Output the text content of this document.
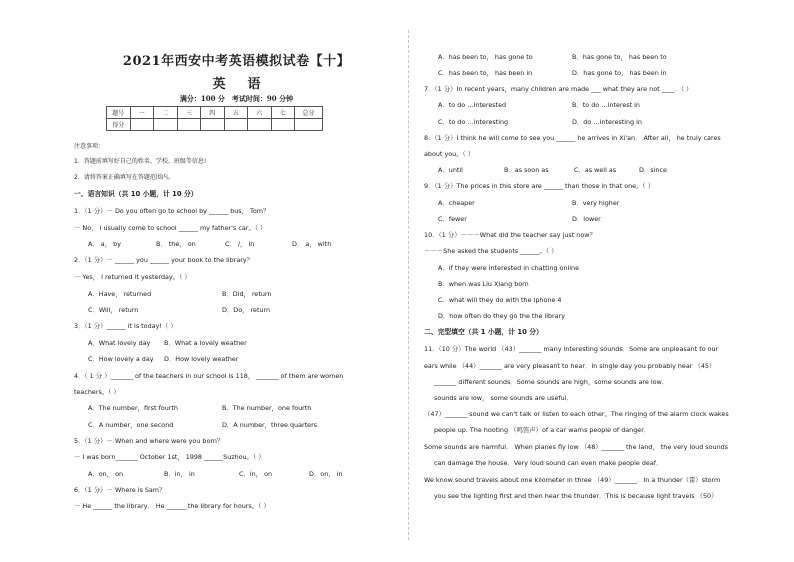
2021年西安中考英语模拟试卷【十】
英语
满分：100 分　考试时间：90 分钟
题号	一	二	三	四	五	六	七	总分
得分								
注意事项：
1．答题前填写好自己的姓名、学校、班级等信息!
2．请将答案正确填写在答题范围内。
一、语言知识（共 10 小题，计 10 分）
1．（1 分）－ Do you often go to school by ______ bus， Tom？
－ No， I usually come to school ______ my father's car。（ ）
A． a， by	B． the， on	C． /， in	D． a， with
2．（1 分）－ ______ you ______ your book to the library？
－ Yes， I returned it yesterday。（ ）
A．Have， returned	B．Did， return
C．Will， return	D．Do， return
3．（1 分）______ it is today!（ ）
A．What lovely day B．What a lovely weather
C．How lovely a day D．How lovely weather
4．（ 1 分 ）_______ of the teachers in our school is 118， _______ of them are women
teachers。（ ）
A．The number，first fourth	B．The number，one fourth
C．A number，one second	D．A number，three quarters
5．（1 分）－ When and where were you born？
－ I was born_______ October 1st， 1998 ______Suzhou。（ ）
A．on， on	B．in， in	C．in， on	D．on， in
6．（1 分）－ Where is Sam？
－ He ______ the library． He ______ the library for hours。（ ）
A．has been to， has gone to	B．has gone to， has been to
C．has been to， has been in	D．has gone to， has been in
7．（1 分）In recent years，many children are made ___ what they are not ____．（ ）
A．to do …interested	B．to do …interest in
C．to do …interesting	D．do …interesting in
8．（1 分）I think he will come to see you ______ he arrives in Xi'an． After all， he truly cares
about you。（ ）
A．until	B．as soon as	C．as well as	D．since
9．（1 分）The prices in this store are ______ than those in that one。（ ）
A．cheaper	B．very higher
C．fewer	D．lower
10．（1 分）－－－What did the teacher say just now？
－－－She asked the students ______。（ ）
A．if they were interested in chatting online
B．when was Liu Xiang born
C．what will they do with the iphone 4
D．how often do they go the the library
二、完型填空（共 1 小题，计 10 分）
11．（10 分）The world （43）_______ many interesting sounds．Some are unpleasant to our
ears while （44）_______ are very pleasant to hear．In single day you probably hear （45）
_______ different sounds．Some sounds are high，some sounds are low．
sounds are low， some sounds are useful．
（47）_______ sound we can't talk or listen to each other。The ringing of the alarm clock wakes
people up. The hooting （鸣笛声）of a car warns people of danger．
Some sounds are harmful． When planes fly low （48）_______ the land， the very loud sounds
can damage the house．Very loud sound can even make people deaf．
We know sound travels about one kilometer in three （49）_______．In a thunder（雷）storm
you see the lighting first and then hear the thunder．This is because light travels （50）
